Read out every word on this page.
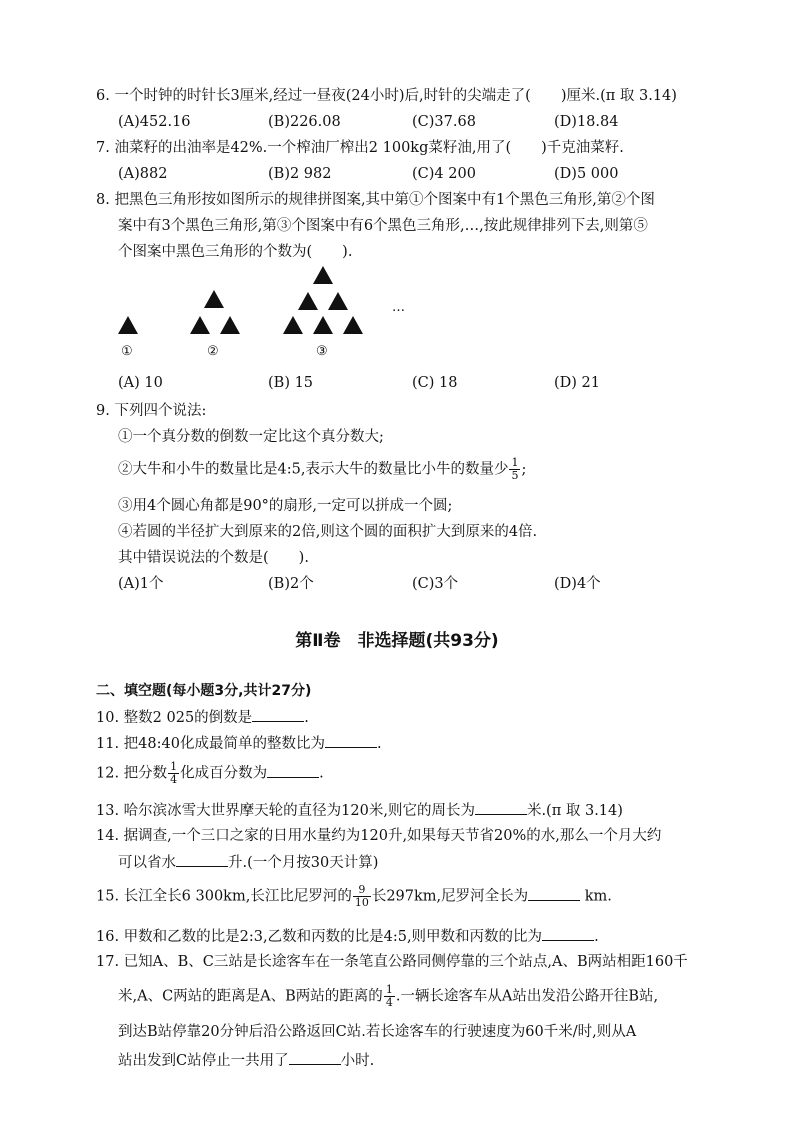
6. 一个时钟的时针长3厘米,经过一昼夜(24小时)后,时针的尖端走了( )厘米.(π 取 3.14)
(A)452.16	(B)226.08	(C)37.68	(D)18.84
7. 油菜籽的出油率是42%.一个榨油厂榨出2 100kg菜籽油,用了( )千克油菜籽.
(A)882	(B)2 982	(C)4 200	(D)5 000
8. 把黑色三角形按如图所示的规律拼图案,其中第①个图案中有1个黑色三角形,第②个图
案中有3个黑色三角形,第③个图案中有6个黑色三角形,…,按此规律排列下去,则第⑤
个图案中黑色三角形的个数为( ).
…
①	②	③
(A) 10	(B) 15	(C) 18	(D) 21
9. 下列四个说法:
①一个真分数的倒数一定比这个真分数大;
②大牛和小牛的数量比是4:5,表示大牛的数量比小牛的数量少 $\frac{1}{5}$ ;
③用4个圆心角都是90°的扇形,一定可以拼成一个圆;
④若圆的半径扩大到原来的2倍,则这个圆的面积扩大到原来的4倍.
其中错误说法的个数是( ).
(A)1个	(B)2个	(C)3个	(D)4个
第Ⅱ卷　非选择题(共93分)
二、填空题(每小题3分,共计27分)
10. 整数2 025的倒数是	.
11. 把48:40化成最简单的整数比为	.
12. 把分数 $\frac{1}{4}$ 化成百分数为	.
13. 哈尔滨冰雪大世界摩天轮的直径为120米,则它的周长为	米.(π 取 3.14)
14. 据调查,一个三口之家的日用水量约为120升,如果每天节省20%的水,那么一个月大约
可以省水	升.(一个月按30天计算)
15. 长江全长6 300km,长江比尼罗河的 $\frac{9}{10}$ 长297km,尼罗河全长为	km.
16. 甲数和乙数的比是2:3,乙数和丙数的比是4:5,则甲数和丙数的比为	.
17. 已知A、B、C三站是长途客车在一条笔直公路同侧停靠的三个站点,A、B两站相距160千
米,A、C两站的距离是A、B两站的距离的 $\frac{1}{4}$ .一辆长途客车从A站出发沿公路开往B站,
到达B站停靠20分钟后沿公路返回C站.若长途客车的行驶速度为60千米/时,则从A
站出发到C站停止一共用了	小时.
